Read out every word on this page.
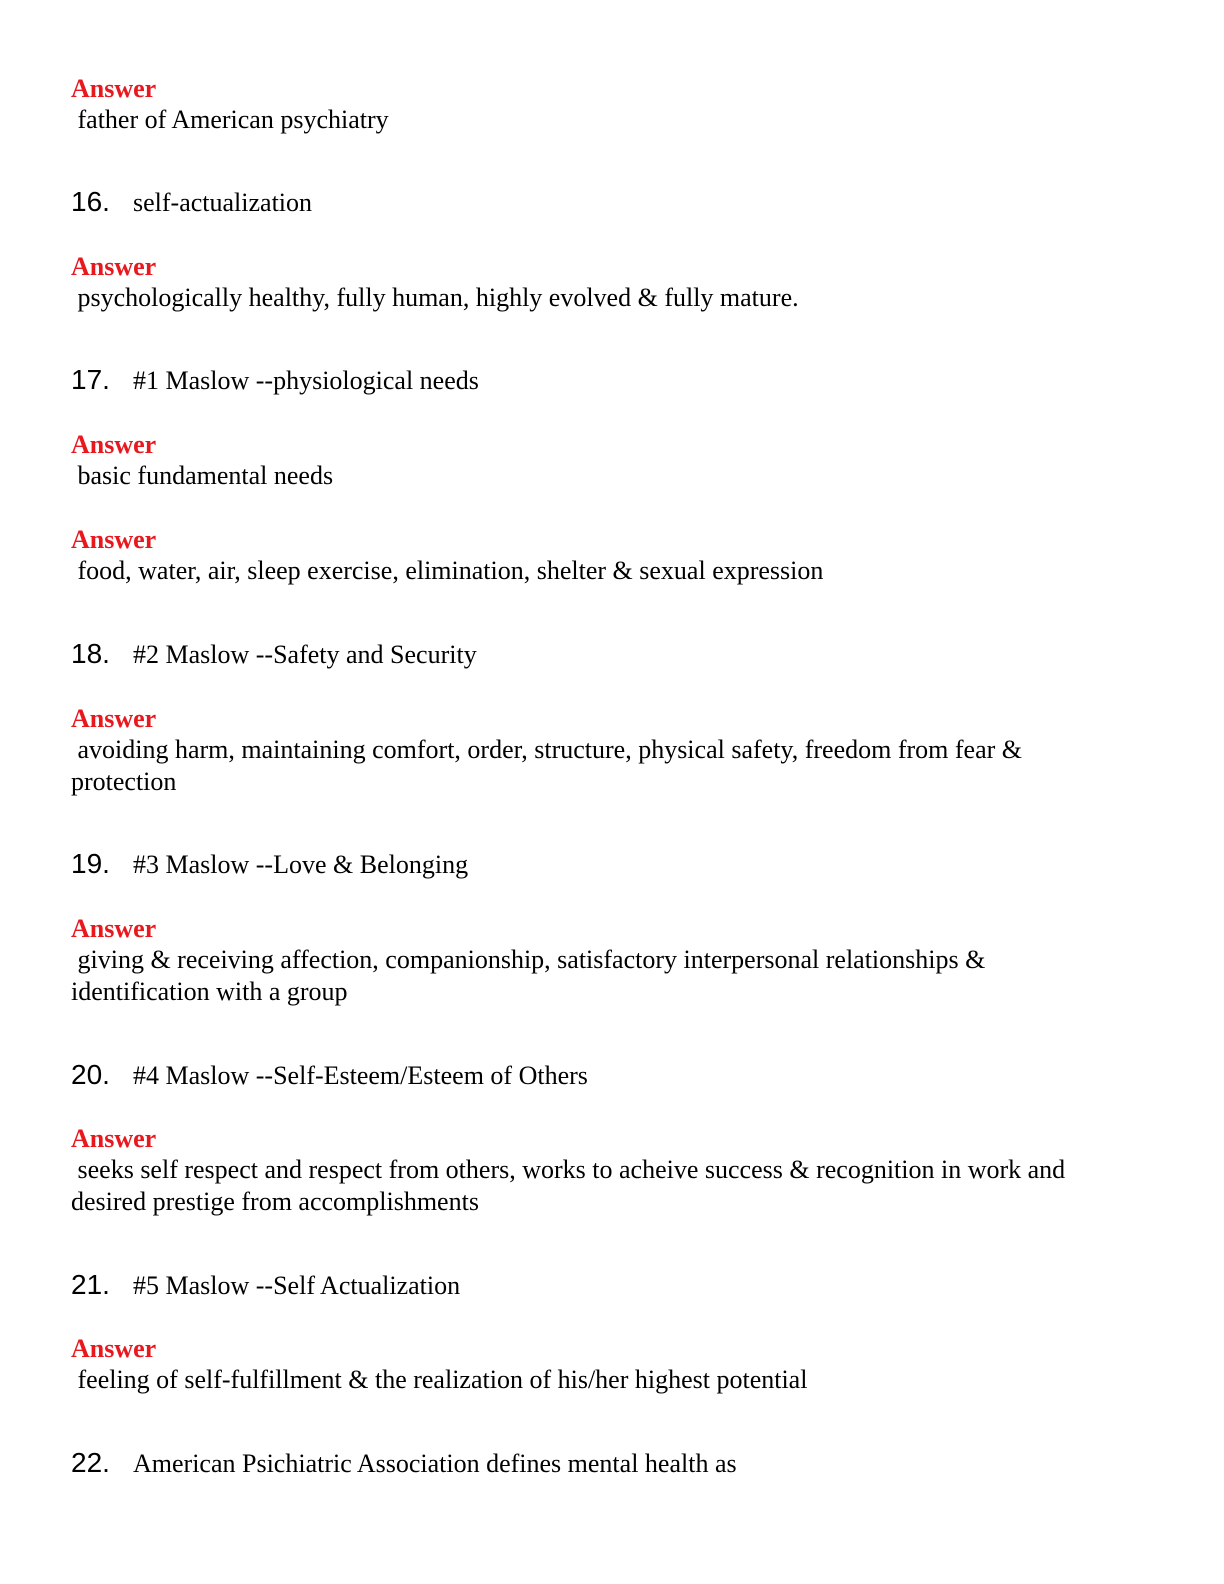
Answer
father of American psychiatry
16. self-actualization
Answer
psychologically healthy, fully human, highly evolved & fully mature.
17. #1 Maslow --physiological needs
Answer
basic fundamental needs
Answer
food, water, air, sleep exercise, elimination, shelter & sexual expression
18. #2 Maslow --Safety and Security
Answer
avoiding harm, maintaining comfort, order, structure, physical safety, freedom from fear &
protection
19. #3 Maslow --Love & Belonging
Answer
giving & receiving affection, companionship, satisfactory interpersonal relationships &
identification with a group
20. #4 Maslow --Self-Esteem/Esteem of Others
Answer
seeks self respect and respect from others, works to acheive success & recognition in work and
desired prestige from accomplishments
21. #5 Maslow --Self Actualization
Answer
feeling of self-fulfillment & the realization of his/her highest potential
22. American Psichiatric Association defines mental health as
